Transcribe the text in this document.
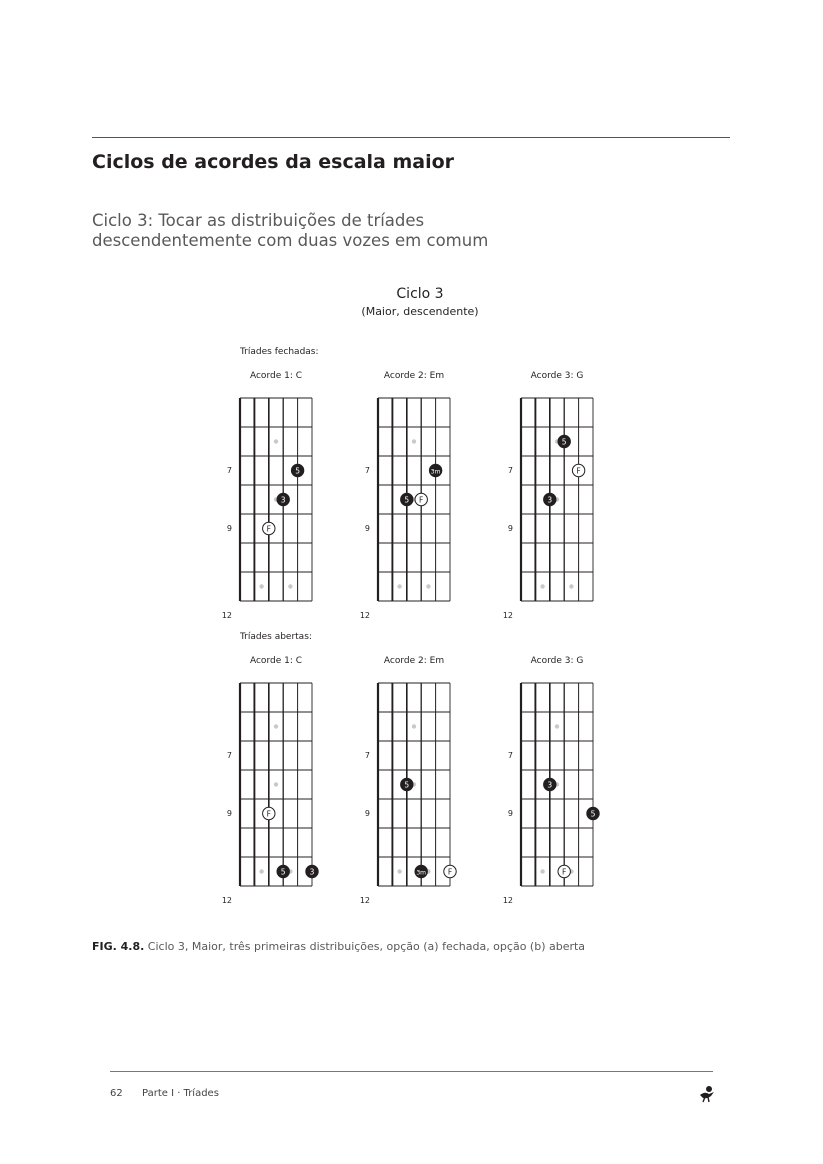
Ciclos de acordes da escala maior
Ciclo 3: Tocar as distribuições de tríades
descendentemente com duas vozes em comum
Ciclo 3
(Maior, descendente)
Tríades fechadas:
Acorde 1: C
7
9
12
5
3
F
Acorde 2: Em
7
9
12
3m
5 F
Acorde 3: G
7
9
12
5
F
3
Tríades abertas:
Acorde 1: C
7
9
12
F
5	3
Acorde 2: Em
7
9
12
5
3m	F
Acorde 3: G
7
9
12
3
5
F
FIG. 4.8. Ciclo 3, Maior, três primeiras distribuições, opção (a) fechada, opção (b) aberta
62 Parte I · Tríades
